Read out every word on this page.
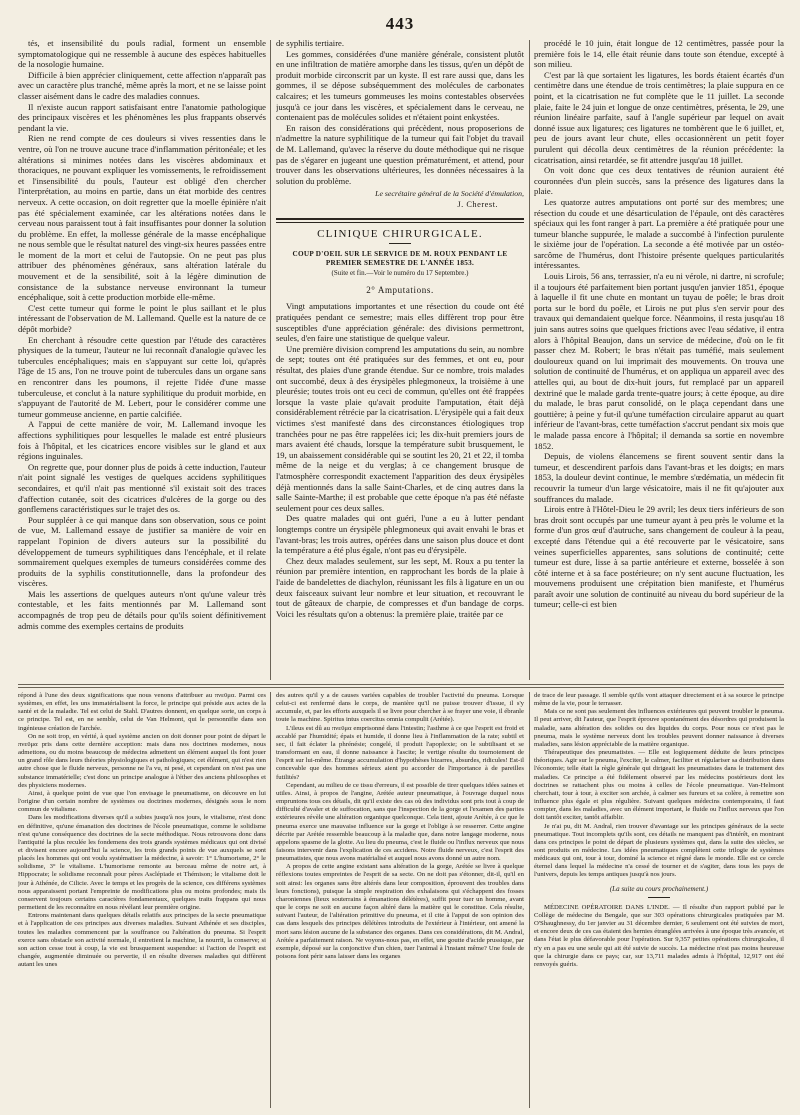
443

tés, et insensibilité du pouls radial, forment un ensemble symptomatologique qui ne ressemble à aucune des espèces habituelles de la nosologie humaine.

Difficile à bien apprécier cliniquement, cette affection n'apparaît pas avec un caractère plus tranché, même après la mort, et ne se laisse point classer aisément dans le cadre des maladies connues.

Il n'existe aucun rapport satisfaisant entre l'anatomie pathologique des principaux viscères et les phénomènes les plus frappants observés pendant la vie.

Rien ne rend compte de ces douleurs si vives ressenties dans le ventre, où l'on ne trouve aucune trace d'inflammation péritonéale; et les altérations si minimes notées dans les viscères abdominaux et thoraciques, ne pouvant expliquer les vomissements, le refroidissement et l'insensibilité du pouls, l'auteur est obligé d'en chercher l'interprétation, au moins en partie, dans un état morbide des centres nerveux. A cette occasion, on doit regretter que la moelle épinière n'ait pas été spécialement examinée, car les altérations notées dans le cerveau nous paraissent tout à fait insuffisantes pour donner la solution du problème. En effet, la mollesse générale de la masse encéphalique ne nous semble que le résultat naturel des vingt-six heures passées entre le moment de la mort et celui de l'autopsie. On ne peut pas plus attribuer des phénomènes généraux, sans altération latérale du mouvement et de la sensibilité, soit à la légère diminution de consistance de la substance nerveuse environnant la tumeur encéphalique, soit à cette production morbide elle-même.

C'est cette tumeur qui forme le point le plus saillant et le plus intéressant de l'observation de M. Lallemand. Quelle est la nature de ce dépôt morbide?

En cherchant à résoudre cette question par l'étude des caractères physiques de la tumeur, l'auteur ne lui reconnaît d'analogie qu'avec les tubercules encéphaliques; mais en s'appuyant sur cette loi, qu'après l'âge de 15 ans, l'on ne trouve point de tubercules dans un organe sans en rencontrer dans les poumons, il rejette l'idée d'une masse tuberculeuse, et conclut à la nature syphilitique du produit morbide, en s'appuyant de l'autorité de M. Lebert, pour le considérer comme une tumeur gommeuse ancienne, en partie calcifiée.

A l'appui de cette manière de voir, M. Lallemand invoque les affections syphilitiques pour lesquelles le malade est entré plusieurs fois à l'hôpital, et les cicatrices encore visibles sur le gland et aux régions inguinales.

On regrette que, pour donner plus de poids à cette induction, l'auteur n'ait point signalé les vestiges de quelques accidens syphilitiques secondaires, et qu'il n'ait pas mentionné s'il existait soit des traces d'affection cutanée, soit des cicatrices d'ulcères de la gorge ou des gonflemens caractéristiques sur le trajet des os.

Pour suppléer à ce qui manque dans son observation, sous ce point de vue, M. Lallemand essaye de justifier sa manière de voir en rappelant l'opinion de divers auteurs sur la possibilité du développement de tumeurs syphilitiques dans l'encéphale, et il relate sommairement quelques exemples de tumeurs considérées comme des produits de la syphilis constitutionnelle, dans la profondeur des viscères.

Mais les assertions de quelques auteurs n'ont qu'une valeur très contestable, et les faits mentionnés par M. Lallemand sont accompagnés de trop peu de détails pour qu'ils soient définitivement admis comme des exemples certains de produits

de syphilis tertiaire.

Les gommes, considérées d'une manière générale, consistent plutôt en une infiltration de matière amorphe dans les tissus, qu'en un dépôt de produit morbide circonscrit par un kyste. Il est rare aussi que, dans les gommes, il se dépose subséquemment des molécules de carbonates calcaires; et les tumeurs gommeuses les moins contestables observées jusqu'à ce jour dans les viscères, et spécialement dans le cerveau, ne contenaient pas de molécules solides et n'étaient point enkystées.

En raison des considérations qui précèdent, nous proposerions de n'admettre la nature syphilitique de la tumeur qui fait l'objet du travail de M. Lallemand, qu'avec la réserve du doute méthodique qui ne risque pas de s'égarer en jugeant une question prématurément, et attend, pour trouver dans les observations ultérieures, les données nécessaires à la solution du problème.

Le secrétaire général de la Société d'émulation,

J. Cherest.

CLINIQUE CHIRURGICALE.

COUP D'OEIL SUR LE SERVICE DE M. ROUX PENDANT LE PREMIER SEMESTRE DE L'ANNÉE 1853.

(Suite et fin.—Voir le numéro du 17 Septembre.)

2° Amputations.

Vingt amputations importantes et une résection du coude ont été pratiquées pendant ce semestre; mais elles diffèrent trop pour être susceptibles d'une appréciation générale: des divisions permettront, seules, d'en faire une statistique de quelque valeur.

Une première division comprend les amputations du sein, au nombre de sept; toutes ont été pratiquées sur des femmes, et ont eu, pour résultat, des plaies d'une grande étendue. Sur ce nombre, trois malades ont succombé, deux à des érysipèles phlegmoneux, la troisième à une pleurésie; toutes trois ont eu ceci de commun, qu'elles ont été frappées lorsque la vaste plaie qu'avait produite l'amputation, était déjà considérablement rétrécie par la cicatrisation. L'érysipèle qui a fait deux victimes s'est manifesté dans des circonstances étiologiques trop tranchées pour ne pas être rappelées ici; les dix-huit premiers jours de mars avaient été chauds, lorsque la température subit brusquement, le 19, un abaissement considérable qui se soutint les 20, 21 et 22, il tomba même de la neige et du verglas; à ce changement brusque de l'atmosphère correspondit exactement l'apparition des deux érysipèles déjà mentionnés dans la salle Saint-Charles, et de cinq autres dans la salle Sainte-Marthe; il est probable que cette époque n'a pas été néfaste seulement pour ces deux salles.

Des quatre malades qui ont guéri, l'une a eu à lutter pendant longtemps contre un érysipèle phlegmoneux qui avait envahi le bras et l'avant-bras; les trois autres, opérées dans une saison plus douce et dont la température a été plus égale, n'ont pas eu d'érysipèle.

Chez deux malades seulement, sur les sept, M. Roux a pu tenter la réunion par première intention, en rapprochant les bords de la plaie à l'aide de bandelettes de diachylon, réunissant les fils à ligature en un ou deux faisceaux suivant leur nombre et leur situation, et recouvrant le tout de gâteaux de charpie, de compresses et d'un bandage de corps. Voici les résultats qu'on a obtenus: la première plaie, traitée par ce

procédé le 10 juin, était longue de 12 centimètres, passée pour la première fois le 14, elle était réunie dans toute son étendue, excepté à son milieu.

C'est par là que sortaient les ligatures, les bords étaient écartés d'un centimètre dans une étendue de trois centimètres; la plaie suppura en ce point, et la cicatrisation ne fut complète que le 11 juillet. La seconde plaie, faite le 24 juin et longue de onze centimètres, présenta, le 29, une réunion linéaire parfaite, sauf à l'angle supérieur par lequel on avait donné issue aux ligatures; ces ligatures ne tombèrent que le 6 juillet, et, peu de jours avant leur chute, elles occasionnèrent un petit foyer purulent qui décolla deux centimètres de la réunion précédente: la cicatrisation, ainsi retardée, se fit attendre jusqu'au 18 juillet.

On voit donc que ces deux tentatives de réunion auraient été couronnées d'un plein succès, sans la présence des ligatures dans la plaie.

Les quatorze autres amputations ont porté sur des membres; une résection du coude et une désarticulation de l'épaule, ont dès caractères spéciaux qui les font ranger à part. La première a été pratiquée pour une tumeur blanche suppurée, le malade a succombé à l'infection purulente le sixième jour de l'opération. La seconde a été motivée par un ostéo-sarcôme de l'humérus, dont l'histoire présente quelques particularités intéressantes.

Louis Lirois, 56 ans, terrassier, n'a eu ni vérole, ni dartre, ni scrofule; il a toujours été parfaitement bien portant jusqu'en janvier 1851, époque à laquelle il fit une chute en montant un tuyau de poêle; le bras droit porta sur le bord du poêle, et Lirois ne put plus s'en servir pour des travaux qui demandaient quelque force. Néanmoins, il resta jusqu'au 18 juin sans autres soins que quelques frictions avec l'eau sédative, il entra alors à l'hôpital Beaujon, dans un service de médecine, d'où on le fit passer chez M. Robert; le bras n'était pas tuméfié, mais seulement douloureux quand on lui imprimait des mouvements. On trouva une solution de continuité de l'humérus, et on appliqua un appareil avec des attelles qui, au bout de dix-huit jours, fut remplacé par un appareil dextriné que le malade garda trente-quatre jours; à cette époque, au dire du malade, le bras parut consolidé, on le plaça cependant dans une gouttière; à peine y fut-il qu'une tuméfaction circulaire apparut au quart inférieur de l'avant-bras, cette tuméfaction s'accrut pendant six mois que le malade passa encore à l'hôpital; il demanda sa sortie en novembre 1852.

Depuis, de violens élancemens se firent souvent sentir dans la tumeur, et descendirent parfois dans l'avant-bras et les doigts; en mars 1853, la douleur devint continue, le membre s'œdématia, un médecin fit recouvrir la tumeur d'un large vésicatoire, mais il ne fit qu'ajouter aux souffrances du malade.

Lirois entre à l'Hôtel-Dieu le 29 avril; les deux tiers inférieurs de son bras droit sont occupés par une tumeur ayant à peu près le volume et la forme d'un gros œuf d'autruche, sans changement de couleur à la peau, excepté dans l'étendue qui a été recouverte par le vésicatoire, sans veines superficielles apparentes, sans solutions de continuité; cette tumeur est dure, lisse à sa partie antérieure et externe, bosselée à son côté interne et à sa face postérieure; on n'y sent aucune fluctuation, les mouvemens produisent une crépitation bien manifeste, et l'humérus paraît avoir une solution de continuité au niveau du bord supérieur de la tumeur; celle-ci est bien

répond à l'une des deux significations que nous venons d'attribuer au πνεῦμα. Parmi ces systèmes, en effet, les uns immatérialisent la force, le principe qui préside aux actes de la santé et de la maladie. Tel est celui de Stahl. D'autres donnent, en quelque sorte, un corps à ce principe. Tel est, en ne semble, celui de Van Helmont, qui le personnifie dans son ingénieuse création de l'archée.

On ne soit trop, en vérité, à quel système ancien on doit donner pour point de départ le πνεῦμα pris dans cette dernière acception: mais dans nos doctrines modernes, nous admettons, ou du moins beaucoup de médecins admettent un élément auquel ils font jouer un grand rôle dans leurs théories physiologiques et pathologiques; cet élément, qui n'est rien autre chose que le fluide nerveux, personne ne l'a vu, ni pesé, et cependant on n'est pas une substance immatérielle; c'est donc un principe analogue à l'éther des anciens philosophes et des physiciens modernes.

Ainsi, à quelque point de vue que l'on envisage le pneumatisme, on découvre en lui l'origine d'un certain nombre de systèmes ou doctrines modernes, désignés sous le nom commun de vitalisme.

Dans les modifications diverses qu'il a subies jusqu'à nos jours, le vitalisme, n'est donc en définitive, qu'une émanation des doctrines de l'école pneumatique, comme le solidisme n'est qu'une conséquence des doctrines de la secte méthodique. Nous retrouvons donc dans l'antiquité la plus reculée les fondemens des trois grands systèmes médicaux qui ont divisé et divisent encore aujourd'hui la science, les trois grands points de vue auxquels se sont placés les hommes qui ont voulu systématiser la médecine, à savoir: 1° L'humorisme, 2° le solidisme, 3° le vitalisme. L'humorisme remonte au berceau même de notre art, à Hippocrate; le solidisme reconnaît pour pères Asclépiade et Thémison; le vitalisme doit le jour à Athénée, de Cilicie. Avec le temps et les progrès de la science, ces différens systèmes nous apparaissent portant l'empreinte de modifications plus ou moins profondes; mais ils conservent toujours certains caractères fondamentaux, quelques traits frappans qui nous permettent de les reconnaître en nous révélant leur première origine.

Entrons maintenant dans quelques détails relatifs aux principes de la secte pneumatique et à l'application de ces principes aux diverses maladies. Suivant Athénée et ses disciples, toutes les maladies commencent par la souffrance ou l'altération du pneuma. Si l'esprit exerce sans obstacle son activité normale, il entretient la machine, la nourrit, la conserve; si son action cesse tout à coup, la vie est brusquement suspendue: si l'action de l'esprit est changée, augmentée diminuée ou pervertie, il en résulte diverses maladies qui diffèrent autant les unes

des autres qu'il y a de causes variées capables de troubler l'activité du pneuma. Lorsque celui-ci est renfermé dans le corps, de manière qu'il ne puisse trouver d'issue, il s'y accumule, et, par les efforts auxquels il se livre pour chercher à se frayer une voie, il ébranle toute la machine. Spiritus intus coercitus omnia compulit (Arétée).

L'ileus est dû au πνεῦμα emprisonné dans l'intestin; l'asthme à ce que l'esprit est froid et accablé par l'humidité; épais et humide, il donne lieu à l'inflammation de la rate; subtil et sec, il fait éclater la phrénésie; congelé, il produit l'apoplexie; on le subtilisant et se transformant en eau, il donne naissance à l'ascite; le vertige résulte du tournoiement de l'esprit sur lui-même. Étrange accumulation d'hypothèses bizarres, absurdes, ridicules! Est-il concevable que des hommes sérieux aient pu accorder de l'importance à de pareilles futilités?

Cependant, au milieu de ce tissu d'erreurs, il est possible de tirer quelques idées saines et utiles. Ainsi, à propos de l'angine, Arétée auteur pneumatique, à l'ouvrage duquel nous empruntons tous ces détails, dit qu'il existe des cas où des individus sont pris tout à coup de difficulté d'avaler et de suffocation, sans que l'inspection de la gorge et l'examen des parties extérieures révèle une altération organique quelconque. Cela tient, ajoute Arétée, à ce que le pneuma exerce une mauvaise influence sur la gorge et l'oblige à se resserrer. Cette angine décrite par Arétée ressemble beaucoup à la maladie que, dans notre langage moderne, nous appelons spasme de la glotte. Au lieu du pneuma, c'est le fluide ou l'influx nerveux que nous faisons intervenir dans l'explication de ces accidens. Notre fluide nerveux, c'est l'esprit des pneumatistes, que nous avons matérialisé et auquel nous avons donné un autre nom.

A propos de cette angine existant sans altération de la gorge, Arétée se livre à quelque réflexions toutes empreintes de l'esprit de sa secte. On ne doit pas s'étonner, dit-il, qu'il en soit ainsi: les organes sans être altérés dans leur composition, éprouvent des troubles dans leurs fonctions), puisque la simple respiration des exhalaisons qui s'échappent des fosses charoniennes (lieux souterrains à émanations délétères), suffit pour tuer un homme, avant que le corps ne soit en aucune façon altéré dans la matière qui le constitue. Cela résulte, suivant l'auteur, de l'altération primitive du pneuma, et il cite à l'appui de son opinion des cas dans lesquels des principes délétères introduits de l'extérieur à l'intérieur, ont amené la mort sans lésion aucune de la substance des organes. Dans ces considérations, dit M. Andral, Arétée a parfaitement raison. Ne voyons-nous pas, en effet, une goutte d'acide prussique, par exemple, déposé sur la conjonctive d'un chien, tuer l'animal à l'instant même? Une foule de poisons font périr sans laisser dans les organes

de trace de leur passage. Il semble qu'ils vont attaquer directement et à sa source le principe même de la vie, pour le terrasser.

Mais ce ne sont pas seulement des influences extérieures qui peuvent troubler le pneuma. Il peut arriver, dit l'auteur, que l'esprit éprouve spontanément des désordres qui produisent la maladie, sans altération des solides ou des liquides du corps. Pour nous ce n'est pas le pneuma, mais le système nerveux dont les troubles peuvent donner naissance à diverses maladies, sans lésion appréciable de la matière organique.

Thérapeutique des pneumatistes. — Elle est logiquement déduite de leurs principes théoriques. Agir sur le pneuma, l'exciter, le calmer, faciliter et régulariser sa distribution dans l'économie; telle était la règle générale qui dirigeait les pneumatistes dans le traitement des maladies. Ce principe a été fidèlement observé par les médecins postérieurs dont les doctrines se rattachent plus ou moins à celles de l'école pneumatique. Van-Helmont cherchait, tour à tour, à exciter son archée, à calmer ses fureurs et sa colère, à remettre son influence plus égale et plus régulière. Suivant quelques médecins contemporains, il faut compter, dans les maladies, avec un élément important, le fluide ou l'influx nerveux que l'on doit tantôt exciter, tantôt affaiblir.

Je n'ai pu, dit M. Andral, rien trouver d'avantage sur les principes généraux de la secte pneumatique. Tout incomplets qu'ils sont, ces détails ne manquent pas d'intérêt, en montrant dans ces principes le point de départ de plusieurs systèmes qui, dans la suite des siècles, se sont produits en médecine. Les idées pneumatiques complètent cette trilogie de systèmes médicaux qui ont, tour à tour, dominé la science et régné dans le monde. Elle est ce cercle éternel dans lequel la médecine n'a cessé de tourner et de s'agiter, dans tous les pays de l'univers, depuis les temps antiques jusqu'à nos jours.

(La suite au cours prochainement.)

MÉDECINE OPÉRATOIRE DANS L'INDE. — Il résulte d'un rapport publié par le Collège de médecine du Bengale, que sur 303 opérations chirurgicales pratiquées par M. O'Shaughnessy, du 1er janvier au 31 décembre dernier, 6 seulement ont été suivies de mort, et encore deux de ces cas étaient des hernies étranglées arrivées à une époque très avancée, et dans l'état le plus défavorable pour l'opération. Sur 9,357 petites opérations chirurgicales, il n'y en a pas eu une seule qui ait été suivie de succès. La médecine n'est pas moins heureuse que la chirurgie dans ce pays; car, sur 13,711 malades admis à l'hôpital, 12,917 ont été renvoyés guéris.
